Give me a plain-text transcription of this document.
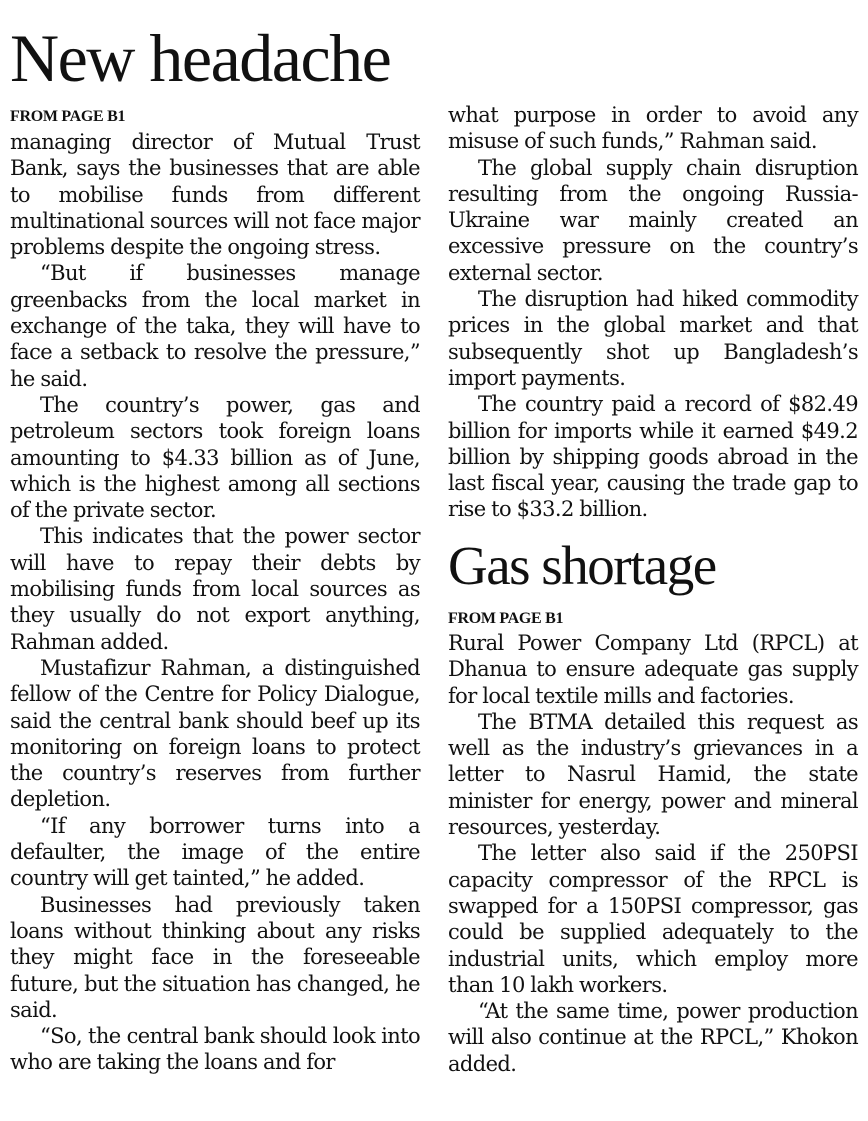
New headache
FROM PAGE B1

managing director of Mutual Trust Bank, says the businesses that are able to mobilise funds from different multinational sources will not face major problems despite the ongoing stress.

“But if businesses manage greenbacks from the local market in exchange of the taka, they will have to face a setback to resolve the pressure,” he said.

The country’s power, gas and petroleum sectors took foreign loans amounting to $4.33 billion as of June, which is the highest among all sections of the private sector.

This indicates that the power sector will have to repay their debts by mobilising funds from local sources as they usually do not export anything, Rahman added.

Mustafizur Rahman, a distinguished fellow of the Centre for Policy Dialogue, said the central bank should beef up its monitoring on foreign loans to protect the country’s reserves from further depletion.

“If any borrower turns into a defaulter, the image of the entire country will get tainted,” he added.

Businesses had previously taken loans without thinking about any risks they might face in the foreseeable future, but the situation has changed, he said.

“So, the central bank should look into who are taking the loans and for

what purpose in order to avoid any misuse of such funds,” Rahman said.

The global supply chain disruption resulting from the ongoing Russia-Ukraine war mainly created an excessive pressure on the country’s external sector.

The disruption had hiked commodity prices in the global market and that subsequently shot up Bangladesh’s import payments.

The country paid a record of $82.49 billion for imports while it earned $49.2 billion by shipping goods abroad in the last fiscal year, causing the trade gap to rise to $33.2 billion.

Gas shortage
FROM PAGE B1

Rural Power Company Ltd (RPCL) at Dhanua to ensure adequate gas supply for local textile mills and factories.

The BTMA detailed this request as well as the industry’s grievances in a letter to Nasrul Hamid, the state minister for energy, power and mineral resources, yesterday.

The letter also said if the 250PSI capacity compressor of the RPCL is swapped for a 150PSI compressor, gas could be supplied adequately to the industrial units, which employ more than 10 lakh workers.

“At the same time, power production will also continue at the RPCL,” Khokon added.
